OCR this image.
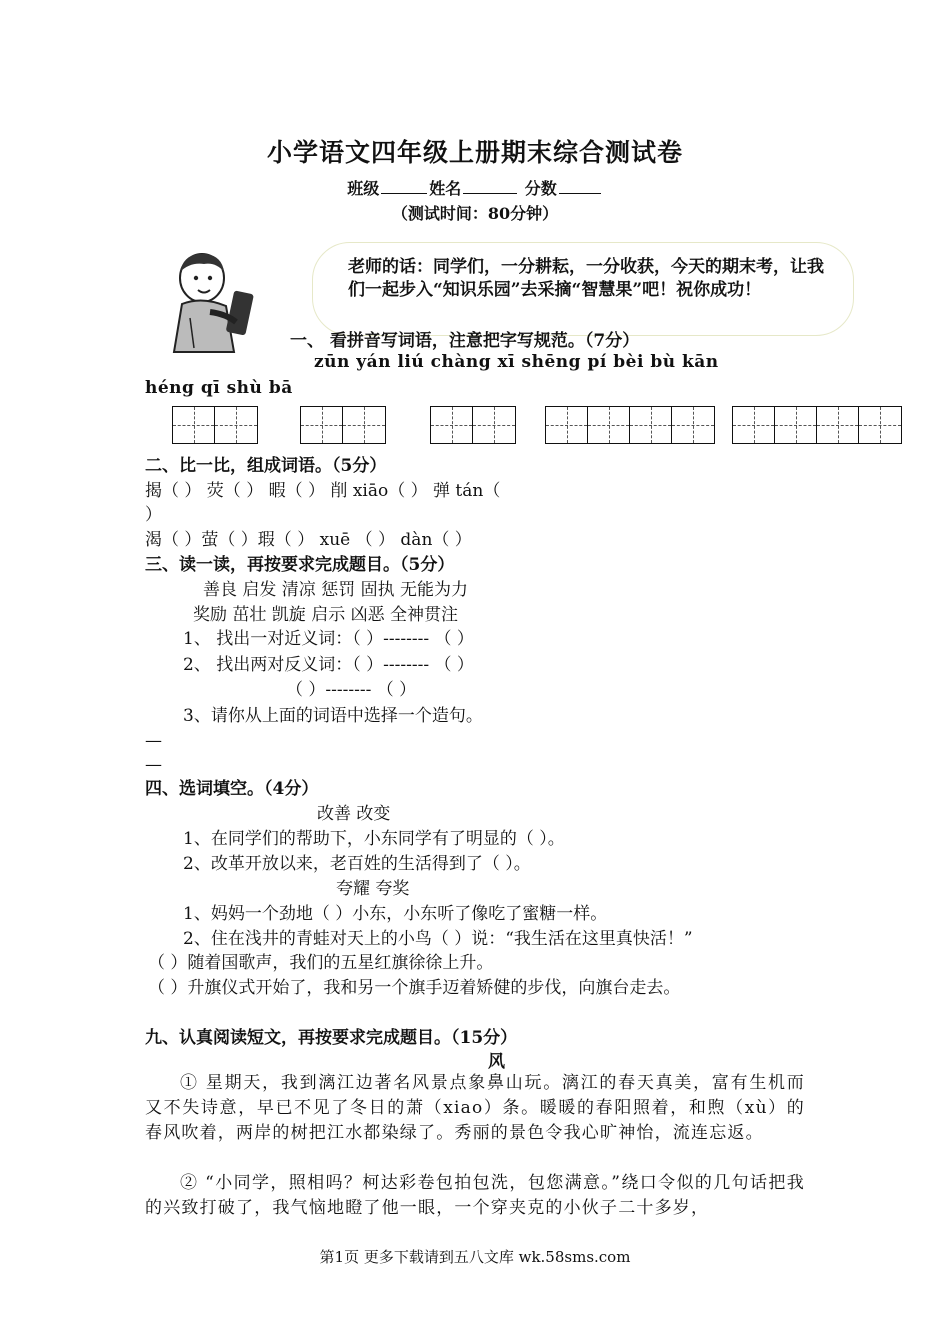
小学语文四年级上册期末综合测试卷
班级	姓名	分数
（测试时间：80分钟）
老师的话：同学们，一分耕耘，一分收获，今天的期末考，让我们一起步入“知识乐园”去采摘“智慧果”吧！祝你成功！
一、 看拼音写词语，注意把字写规范。（7分）
zūn yán liú chàng xī shēng pí bèi bù kān
héng qī shù bā
二、比一比，组成词语。（5分）
揭（ ） 荧（ ） 暇（ ） 削 xiāo（ ） 弹 tán（
）
渴（ ）萤（ ）瑕（ ） xuē （ ） dàn（ ）
三、读一读，再按要求完成题目。（5分）
善良 启发 清凉 惩罚 固执 无能为力
奖励 茁壮 凯旋 启示 凶恶 全神贯注
1、 找出一对近义词：（ ）-------- （ ）
2、 找出两对反义词：（ ）-------- （ ）
（ ）-------- （ ）
3、请你从上面的词语中选择一个造句。
—
—
四、选词填空。（4分）
改善 改变
1、在同学们的帮助下，小东同学有了明显的（ ）。
2、改革开放以来，老百姓的生活得到了（ ）。
夸耀 夸奖
1、妈妈一个劲地（ ）小东，小东听了像吃了蜜糖一样。
2、住在浅井的青蛙对天上的小鸟（ ）说：“我生活在这里真快活！”
（ ）随着国歌声，我们的五星红旗徐徐上升。
（ ）升旗仪式开始了，我和另一个旗手迈着矫健的步伐，向旗台走去。
九、认真阅读短文，再按要求完成题目。（15分）
风
① 星期天，我到漓江边著名风景点象鼻山玩。漓江的春天真美，富有生机而又不失诗意，早已不见了冬日的萧（xiao）条。暖暖的春阳照着，和煦（xù）的春风吹着，两岸的树把江水都染绿了。秀丽的景色令我心旷神怡，流连忘返。
② “小同学，照相吗？柯达彩卷包拍包洗，包您满意。”绕口令似的几句话把我的兴致打破了，我气恼地瞪了他一眼，一个穿夹克的小伙子二十多岁，
第1页 更多下载请到五八文库 wk.58sms.com
